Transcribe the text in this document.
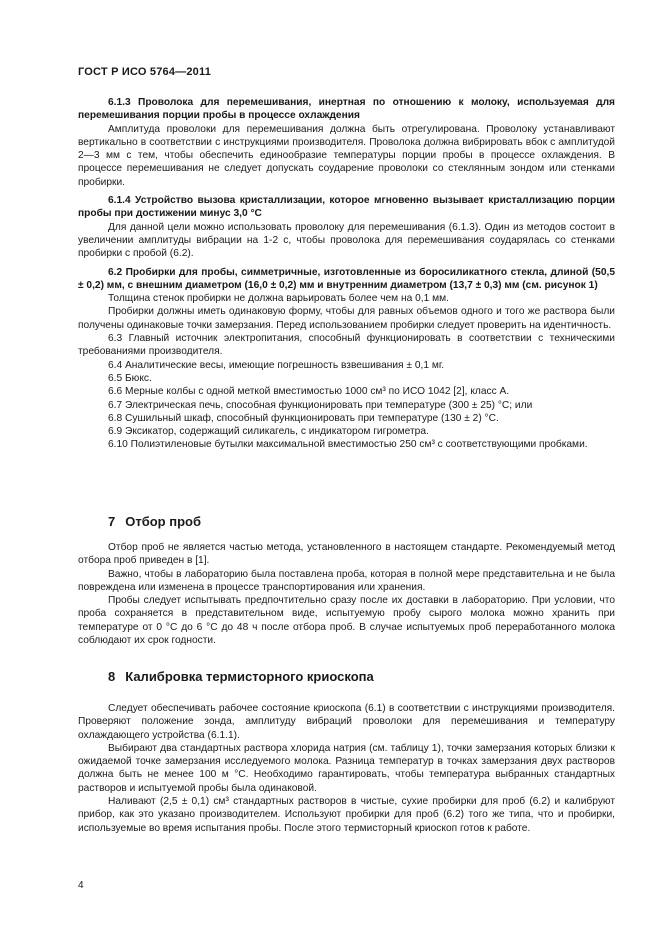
ГОСТ Р ИСО 5764—2011

6.1.3 Проволока для перемешивания, инертная по отношению к молоку, используемая для перемешивания порции пробы в процессе охлаждения

Амплитуда проволоки для перемешивания должна быть отрегулирована. Проволоку устанавливают вертикально в соответствии с инструкциями производителя. Проволока должна вибрировать вбок с амплитудой 2—3 мм с тем, чтобы обеспечить единообразие температуры порции пробы в процессе охлаждения. В процессе перемешивания не следует допускать соударение проволоки со стеклянным зондом или стенками пробирки.

6.1.4 Устройство вызова кристаллизации, которое мгновенно вызывает кристаллизацию порции пробы при достижении минус 3,0 °C

Для данной цели можно использовать проволоку для перемешивания (6.1.3). Один из методов состоит в увеличении амплитуды вибрации на 1-2 с, чтобы проволока для перемешивания соударялась со стенками пробирки с пробой (6.2).

6.2 Пробирки для пробы, симметричные, изготовленные из боросиликатного стекла, длиной (50,5 ± 0,2) мм, с внешним диаметром (16,0 ± 0,2) мм и внутренним диаметром (13,7 ± 0,3) мм (см. рисунок 1)

Толщина стенок пробирки не должна варьировать более чем на 0,1 мм.

Пробирки должны иметь одинаковую форму, чтобы для равных объемов одного и того же раствора были получены одинаковые точки замерзания. Перед использованием пробирки следует проверить на идентичность.

6.3 Главный источник электропитания, способный функционировать в соответствии с техническими требованиями производителя.

6.4 Аналитические весы, имеющие погрешность взвешивания ± 0,1 мг.

6.5 Бюкс.

6.6 Мерные колбы с одной меткой вместимостью 1000 см³ по ИСО 1042 [2], класс А.

6.7 Электрическая печь, способная функционировать при температуре (300 ± 25) °C; или

6.8 Сушильный шкаф, способный функционировать при температуре (130 ± 2) °C.

6.9 Эксикатор, содержащий силикагель, с индикатором гигрометра.

6.10 Полиэтиленовые бутылки максимальной вместимостью 250 см³ с соответствующими пробками.

7 Отбор проб

Отбор проб не является частью метода, установленного в настоящем стандарте. Рекомендуемый метод отбора проб приведен в [1].

Важно, чтобы в лабораторию была поставлена проба, которая в полной мере представительна и не была повреждена или изменена в процессе транспортирования или хранения.

Пробы следует испытывать предпочтительно сразу после их доставки в лабораторию. При условии, что проба сохраняется в представительном виде, испытуемую пробу сырого молока можно хранить при температуре от 0 °C до 6 °C до 48 ч после отбора проб. В случае испытуемых проб переработанного молока соблюдают их срок годности.

8 Калибровка термисторного криоскопа

Следует обеспечивать рабочее состояние криоскопа (6.1) в соответствии с инструкциями производителя. Проверяют положение зонда, амплитуду вибраций проволоки для перемешивания и температуру охлаждающего устройства (6.1.1).

Выбирают два стандартных раствора хлорида натрия (см. таблицу 1), точки замерзания которых близки к ожидаемой точке замерзания исследуемого молока. Разница температур в точках замерзания двух растворов должна быть не менее 100 м °C. Необходимо гарантировать, чтобы температура выбранных стандартных растворов и испытуемой пробы была одинаковой.

Наливают (2,5 ± 0,1) см³ стандартных растворов в чистые, сухие пробирки для проб (6.2) и калибруют прибор, как это указано производителем. Используют пробирки для проб (6.2) того же типа, что и пробирки, используемые во время испытания пробы. После этого термисторный криоскоп готов к работе.

4
